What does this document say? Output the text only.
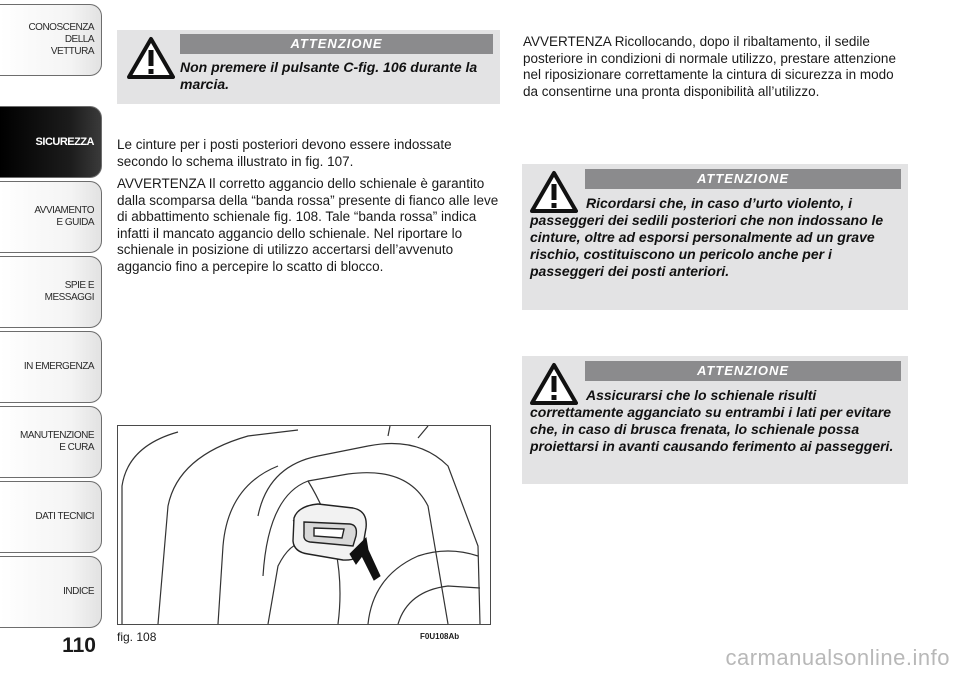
CONOSCENZA
DELLA
VETTURA
SICUREZZA
AVVIAMENTO
E GUIDA
SPIE E
MESSAGGI
IN EMERGENZA
MANUTENZIONE
E CURA
DATI TECNICI
INDICE
110
ATTENZIONE
Non premere il pulsante C-fig. 106 durante la marcia.

Le cinture per i posti posteriori devono essere indossate secondo lo schema illustrato in fig. 107.

AVVERTENZA Il corretto aggancio dello schienale è garantito dalla scomparsa della “banda rossa” presente di fianco alle leve di abbattimento schienale fig. 108. Tale “banda rossa” indica infatti il mancato aggancio dello schienale. Nel riportare lo schienale in posizione di utilizzo accertarsi dell’avvenuto aggancio fino a percepire lo scatto di blocco.

fig. 108	F0U108Ab

AVVERTENZA Ricollocando, dopo il ribaltamento, il sedile posteriore in condizioni di normale utilizzo, prestare attenzione nel riposizionare correttamente la cintura di sicurezza in modo da consentirne una pronta disponibilità all’utilizzo.

ATTENZIONE
Ricordarsi che, in caso d’urto violento, i passeggeri dei sedili posteriori che non indossano le cinture, oltre ad esporsi personalmente ad un grave rischio, costituiscono un pericolo anche per i passeggeri dei posti anteriori.
ATTENZIONE
Assicurarsi che lo schienale risulti correttamente agganciato su entrambi i lati per evitare che, in caso di brusca frenata, lo schienale possa proiettarsi in avanti causando ferimento ai passeggeri.
carmanualsonline.info
